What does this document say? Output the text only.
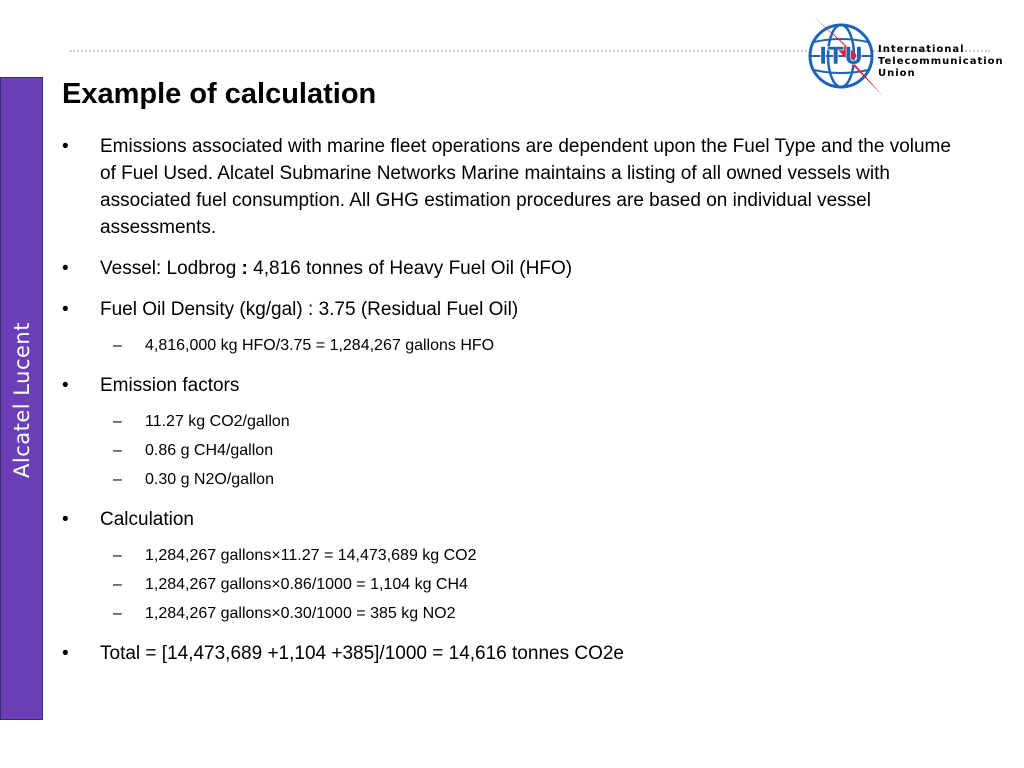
Alcatel Lucent
ITU International
Telecommunication
Union
Example of calculation
• Emissions associated with marine fleet operations are dependent upon the Fuel Type and the volume of Fuel Used. Alcatel Submarine Networks Marine maintains a listing of all owned vessels with associated fuel consumption. All GHG estimation procedures are based on individual vessel assessments.
• Vessel: Lodbrog : 4,816 tonnes of Heavy Fuel Oil (HFO)
• Fuel Oil Density (kg/gal) : 3.75 (Residual Fuel Oil)
– 4,816,000 kg HFO/3.75 = 1,284,267 gallons HFO
• Emission factors
– 11.27 kg CO2/gallon
– 0.86 g CH4/gallon
– 0.30 g N2O/gallon
• Calculation
– 1,284,267 gallons×11.27 = 14,473,689 kg CO2
– 1,284,267 gallons×0.86/1000 = 1,104 kg CH4
– 1,284,267 gallons×0.30/1000 = 385 kg NO2
• Total = [14,473,689 +1,104 +385]/1000 = 14,616 tonnes CO2e
